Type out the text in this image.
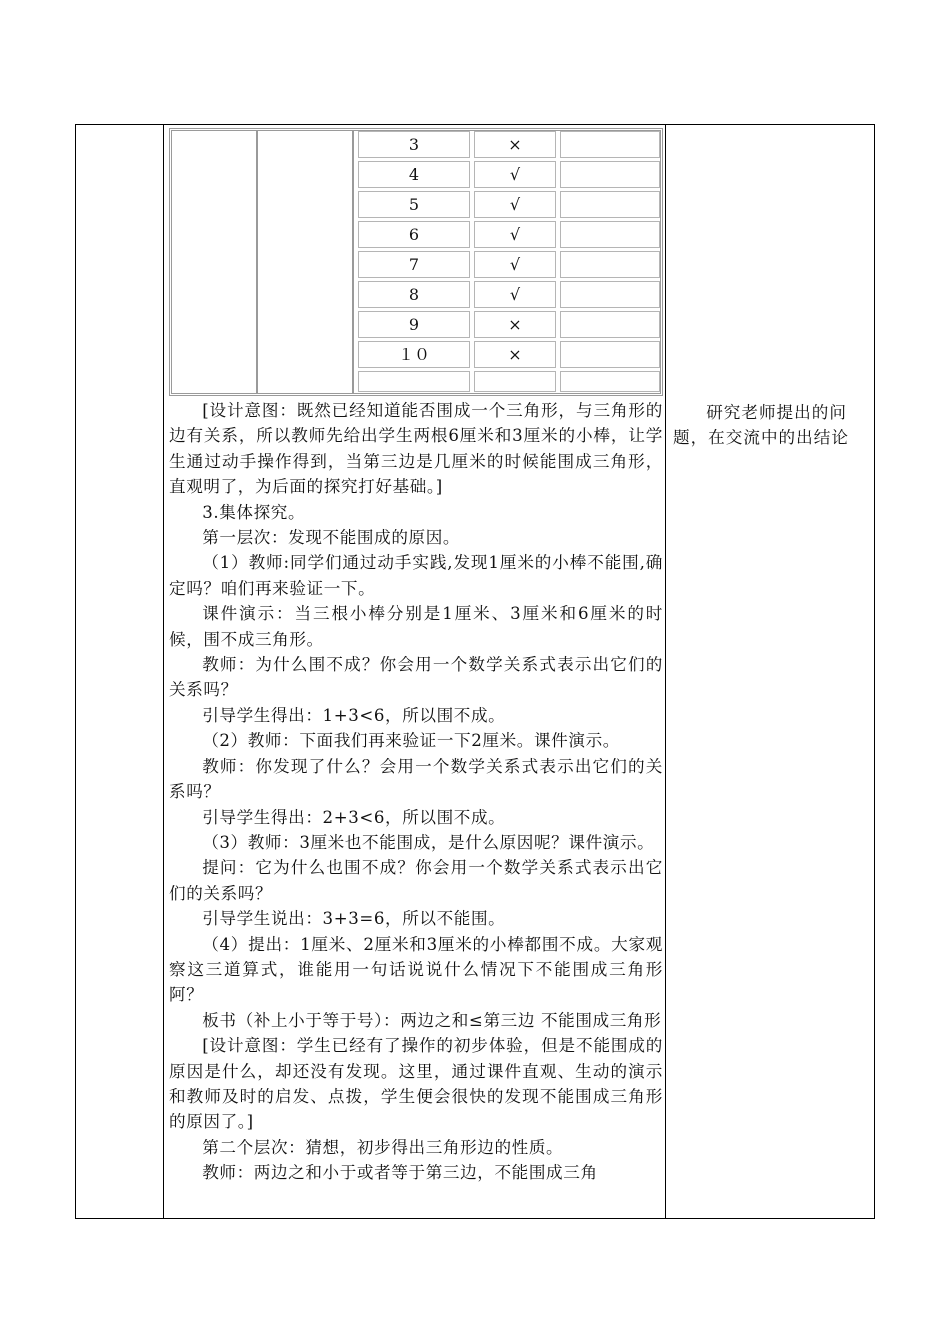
3	×
4	√
5	√
6	√
7	√
8	√
9	×
１０	×

[设计意图：既然已经知道能否围成一个三角形，与三角形的边有关系，所以教师先给出学生两根6厘米和3厘米的小棒，让学生通过动手操作得到，当第三边是几厘米的时候能围成三角形，直观明了，为后面的探究打好基础。]

3.集体探究。

第一层次：发现不能围成的原因。

（1）教师:同学们通过动手实践,发现1厘米的小棒不能围,确定吗？咱们再来验证一下。

课件演示：当三根小棒分别是1厘米、3厘米和6厘米的时候，围不成三角形。

教师：为什么围不成？你会用一个数学关系式表示出它们的关系吗？

引导学生得出：1+3<6，所以围不成。

（2）教师：下面我们再来验证一下2厘米。课件演示。

教师：你发现了什么？会用一个数学关系式表示出它们的关系吗？

引导学生得出：2+3<6，所以围不成。

（3）教师：3厘米也不能围成，是什么原因呢？课件演示。

提问：它为什么也围不成？你会用一个数学关系式表示出它们的关系吗？

引导学生说出：3+3=6，所以不能围。

（4）提出：1厘米、2厘米和3厘米的小棒都围不成。大家观察这三道算式，谁能用一句话说说什么情况下不能围成三角形阿？

板书（补上小于等于号）：两边之和≤第三边 不能围成三角形

[设计意图：学生已经有了操作的初步体验，但是不能围成的原因是什么，却还没有发现。这里，通过课件直观、生动的演示和教师及时的启发、点拨，学生便会很快的发现不能围成三角形的原因了。]

第二个层次：猜想，初步得出三角形边的性质。

教师：两边之和小于或者等于第三边，不能围成三角

研究老师提出的问题，在交流中的出结论
